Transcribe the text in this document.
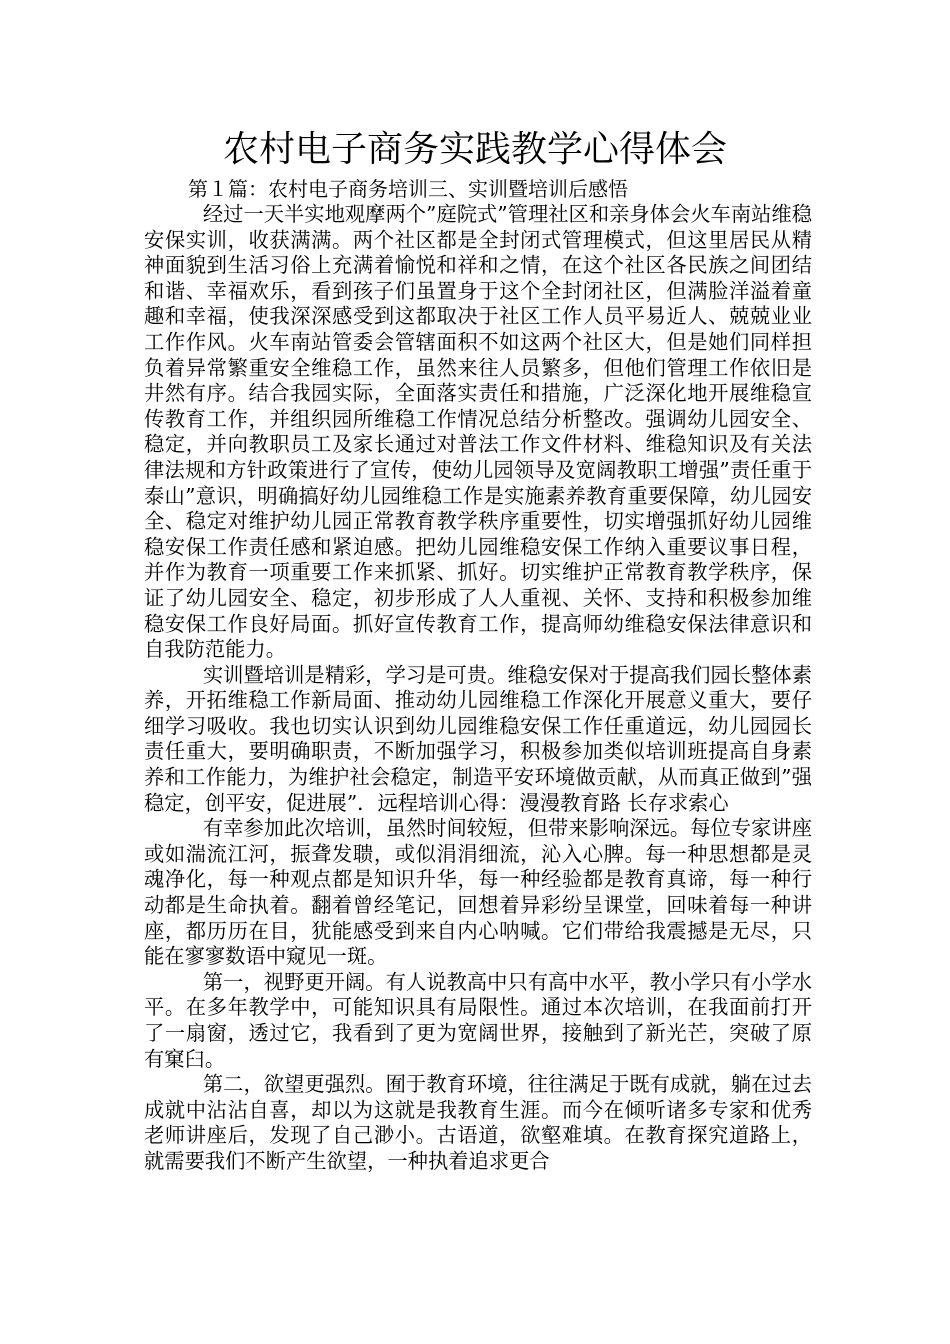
农村电子商务实践教学心得体会
第１篇：农村电子商务培训三、实训暨培训后感悟

经过一天半实地观摩两个”庭院式”管理社区和亲身体会火车南站维稳安保实训，收获满满。两个社区都是全封闭式管理模式，但这里居民从精神面貌到生活习俗上充满着愉悦和祥和之情，在这个社区各民族之间团结和谐、幸福欢乐，看到孩子们虽置身于这个全封闭社区，但满脸洋溢着童趣和幸福，使我深深感受到这都取决于社区工作人员平易近人、兢兢业业工作作风。火车南站管委会管辖面积不如这两个社区大，但是她们同样担负着异常繁重安全维稳工作，虽然来往人员繁多，但他们管理工作依旧是井然有序。结合我园实际，全面落实责任和措施，广泛深化地开展维稳宣传教育工作，并组织园所维稳工作情况总结分析整改。强调幼儿园安全、稳定，并向教职员工及家长通过对普法工作文件材料、维稳知识及有关法律法规和方针政策进行了宣传，使幼儿园领导及宽阔教职工增强”责任重于泰山”意识，明确搞好幼儿园维稳工作是实施素养教育重要保障，幼儿园安全、稳定对维护幼儿园正常教育教学秩序重要性，切实增强抓好幼儿园维稳安保工作责任感和紧迫感。把幼儿园维稳安保工作纳入重要议事日程，并作为教育一项重要工作来抓紧、抓好。切实维护正常教育教学秩序，保证了幼儿园安全、稳定，初步形成了人人重视、关怀、支持和积极参加维稳安保工作良好局面。抓好宣传教育工作，提高师幼维稳安保法律意识和自我防范能力。

实训暨培训是精彩，学习是可贵。维稳安保对于提高我们园长整体素养，开拓维稳工作新局面、推动幼儿园维稳工作深化开展意义重大，要仔细学习吸收。我也切实认识到幼儿园维稳安保工作任重道远，幼儿园园长责任重大，要明确职责，不断加强学习，积极参加类似培训班提高自身素养和工作能力，为维护社会稳定，制造平安环境做贡献，从而真正做到”强稳定，创平安，促进展”．远程培训心得：漫漫教育路 长存求索心

有幸参加此次培训，虽然时间较短，但带来影响深远。每位专家讲座或如湍流江河，振聋发聩，或似涓涓细流，沁入心脾。每一种思想都是灵魂净化，每一种观点都是知识升华，每一种经验都是教育真谛，每一种行动都是生命执着。翻着曾经笔记，回想着异彩纷呈课堂，回味着每一种讲座，都历历在目，犹能感受到来自内心呐喊。它们带给我震撼是无尽，只能在寥寥数语中窥见一斑。

第一，视野更开阔。有人说教高中只有高中水平，教小学只有小学水平。在多年教学中，可能知识具有局限性。通过本次培训，在我面前打开了一扇窗，透过它，我看到了更为宽阔世界，接触到了新光芒，突破了原有窠臼。

第二，欲望更强烈。囿于教育环境，往往满足于既有成就，躺在过去成就中沾沾自喜，却以为这就是我教育生涯。而今在倾听诸多专家和优秀老师讲座后，发现了自己渺小。古语道，欲壑难填。在教育探究道路上，就需要我们不断产生欲望，一种执着追求更合
